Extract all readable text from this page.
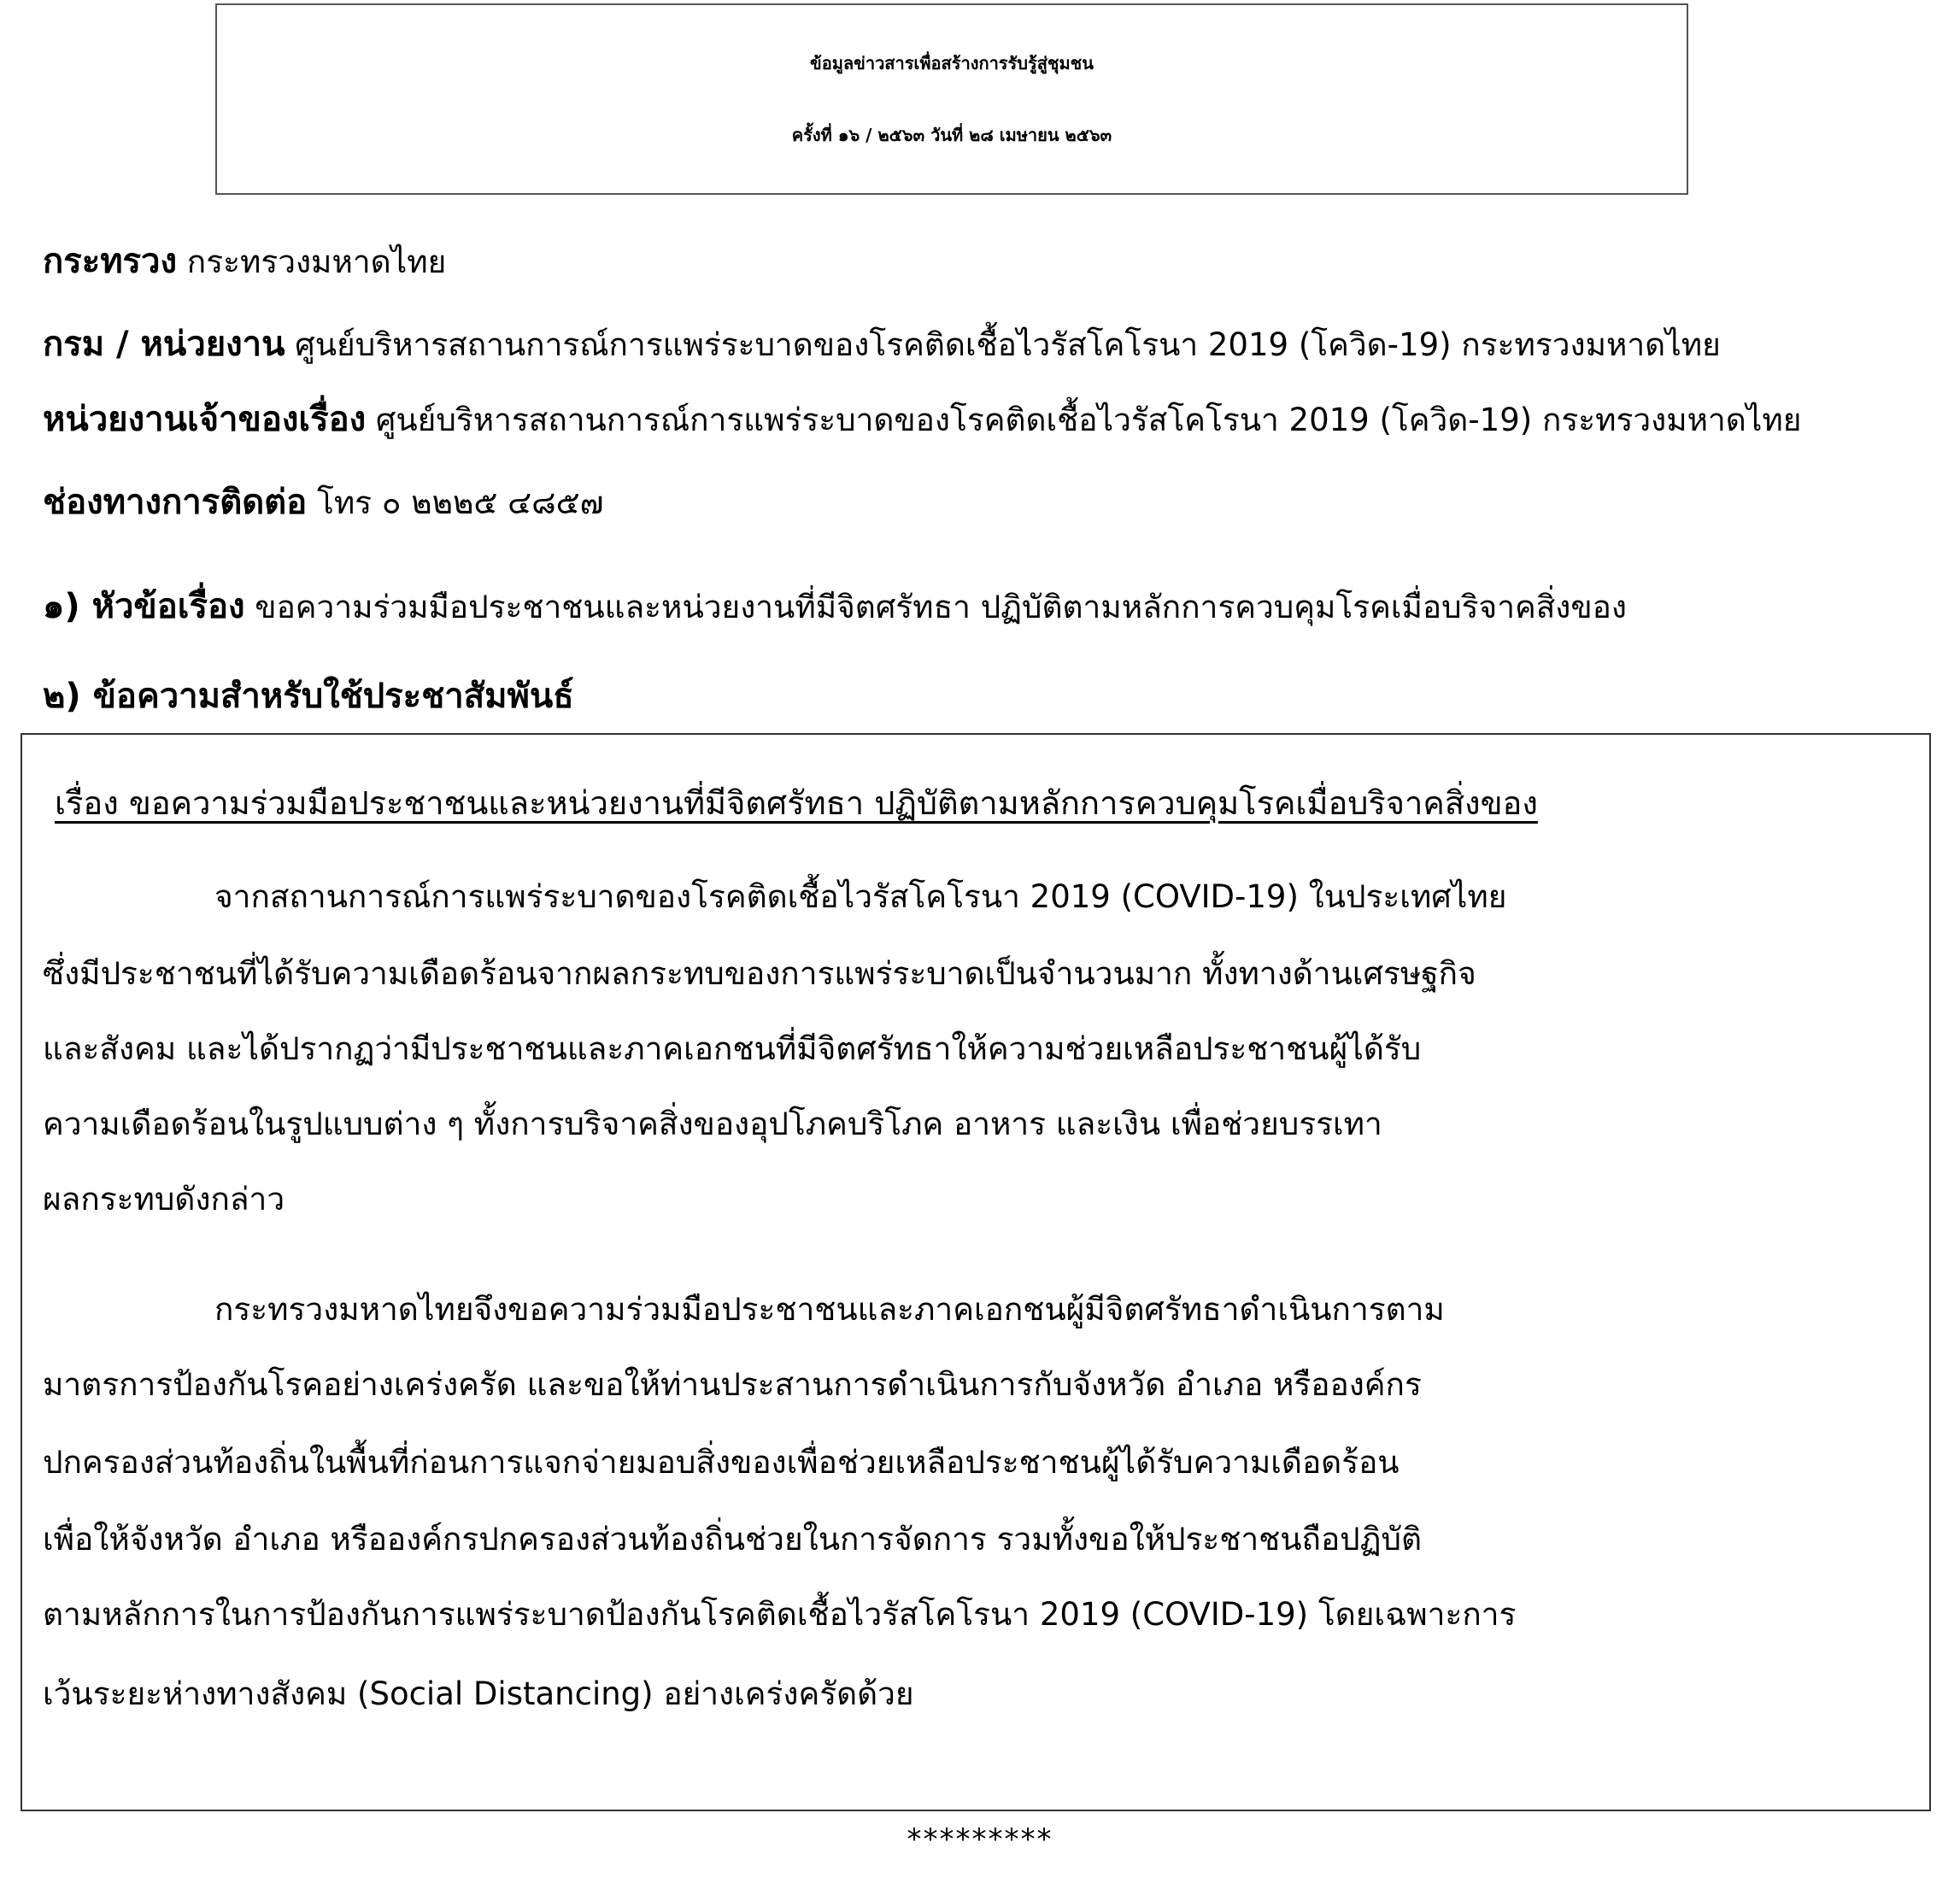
ข้อมูลข่าวสารเพื่อสร้างการรับรู้สู่ชุมชน
ครั้งที่ ๑๖ / ๒๕๖๓ วันที่ ๒๘ เมษายน ๒๕๖๓
กระทรวง กระทรวงมหาดไทย
กรม / หน่วยงาน ศูนย์บริหารสถานการณ์การแพร่ระบาดของโรคติดเชื้อไวรัสโคโรนา 2019 (โควิด-19) กระทรวงมหาดไทย
หน่วยงานเจ้าของเรื่อง ศูนย์บริหารสถานการณ์การแพร่ระบาดของโรคติดเชื้อไวรัสโคโรนา 2019 (โควิด-19) กระทรวงมหาดไทย
ช่องทางการติดต่อ โทร ๐ ๒๒๒๕ ๔๘๕๗
๑) หัวข้อเรื่อง ขอความร่วมมือประชาชนและหน่วยงานที่มีจิตศรัทธา ปฏิบัติตามหลักการควบคุมโรคเมื่อบริจาคสิ่งของ
๒) ข้อความสำหรับใช้ประชาสัมพันธ์
เรื่อง ขอความร่วมมือประชาชนและหน่วยงานที่มีจิตศรัทธา ปฏิบัติตามหลักการควบคุมโรคเมื่อบริจาคสิ่งของ
จากสถานการณ์การแพร่ระบาดของโรคติดเชื้อไวรัสโคโรนา 2019 (COVID-19) ในประเทศไทย
ซึ่งมีประชาชนที่ได้รับความเดือดร้อนจากผลกระทบของการแพร่ระบาดเป็นจำนวนมาก ทั้งทางด้านเศรษฐกิจ
และสังคม และได้ปรากฏว่ามีประชาชนและภาคเอกชนที่มีจิตศรัทธาให้ความช่วยเหลือประชาชนผู้ได้รับ
ความเดือดร้อนในรูปแบบต่าง ๆ ทั้งการบริจาคสิ่งของอุปโภคบริโภค อาหาร และเงิน เพื่อช่วยบรรเทา
ผลกระทบดังกล่าว
กระทรวงมหาดไทยจึงขอความร่วมมือประชาชนและภาคเอกชนผู้มีจิตศรัทธาดำเนินการตาม
มาตรการป้องกันโรคอย่างเคร่งครัด และขอให้ท่านประสานการดำเนินการกับจังหวัด อำเภอ หรือองค์กร
ปกครองส่วนท้องถิ่นในพื้นที่ก่อนการแจกจ่ายมอบสิ่งของเพื่อช่วยเหลือประชาชนผู้ได้รับความเดือดร้อน
เพื่อให้จังหวัด อำเภอ หรือองค์กรปกครองส่วนท้องถิ่นช่วยในการจัดการ รวมทั้งขอให้ประชาชนถือปฏิบัติ
ตามหลักการในการป้องกันการแพร่ระบาดป้องกันโรคติดเชื้อไวรัสโคโรนา 2019 (COVID-19) โดยเฉพาะการ
เว้นระยะห่างทางสังคม (Social Distancing) อย่างเคร่งครัดด้วย
*********
